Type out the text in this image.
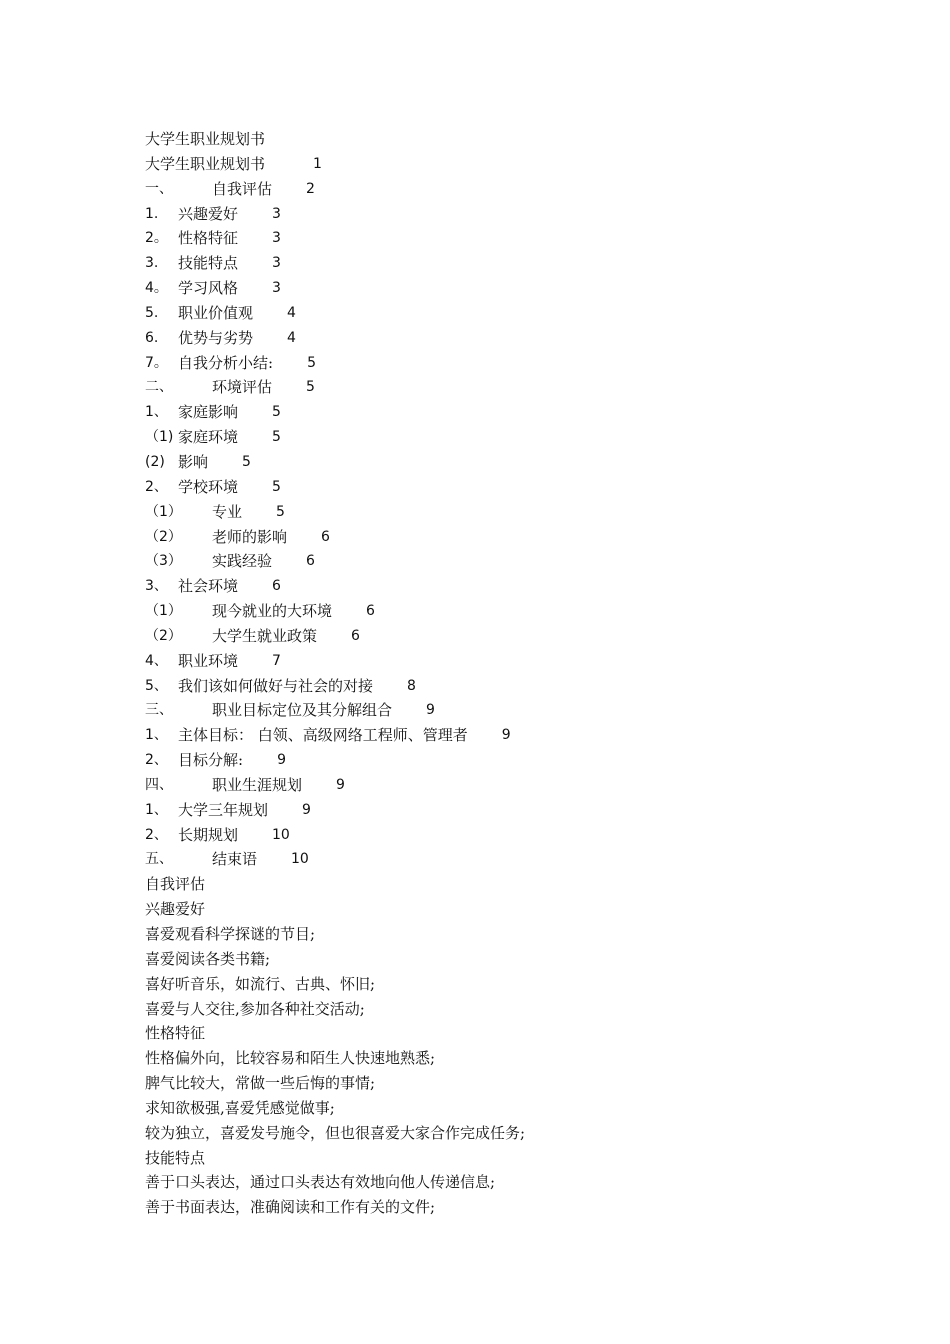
大学生职业规划书
大学生职业规划书	1
一、	自我评估	2
1.	兴趣爱好	3
2。 性格特征	3
3.	技能特点	3
4。 学习风格	3
5.	职业价值观	4
6.	优势与劣势	4
7。 自我分析小结:	5
二、	环境评估	5
1、 家庭影响	5
（1) 家庭环境	5
(2) 影响	5
2、 学校环境	5
（1）	专业	5
（2）	老师的影响	6
（3）	实践经验	6
3、 社会环境	6
（1）	现今就业的大环境	6
（2）	大学生就业政策	6
4、 职业环境	7
5、 我们该如何做好与社会的对接	8
三、	职业目标定位及其分解组合	9
1、 主体目标： 白领、高级网络工程师、管理者	9
2、 目标分解:	9
四、	职业生涯规划	9
1、 大学三年规划	9
2、 长期规划	10
五、	结束语	10
自我评估
兴趣爱好
喜爱观看科学探谜的节目;
喜爱阅读各类书籍;
喜好听音乐，如流行、古典、怀旧;
喜爱与人交往,参加各种社交活动;
性格特征
性格偏外向，比较容易和陌生人快速地熟悉;
脾气比较大，常做一些后悔的事情;
求知欲极强,喜爱凭感觉做事;
较为独立，喜爱发号施令，但也很喜爱大家合作完成任务;
技能特点
善于口头表达，通过口头表达有效地向他人传递信息;
善于书面表达，准确阅读和工作有关的文件;
